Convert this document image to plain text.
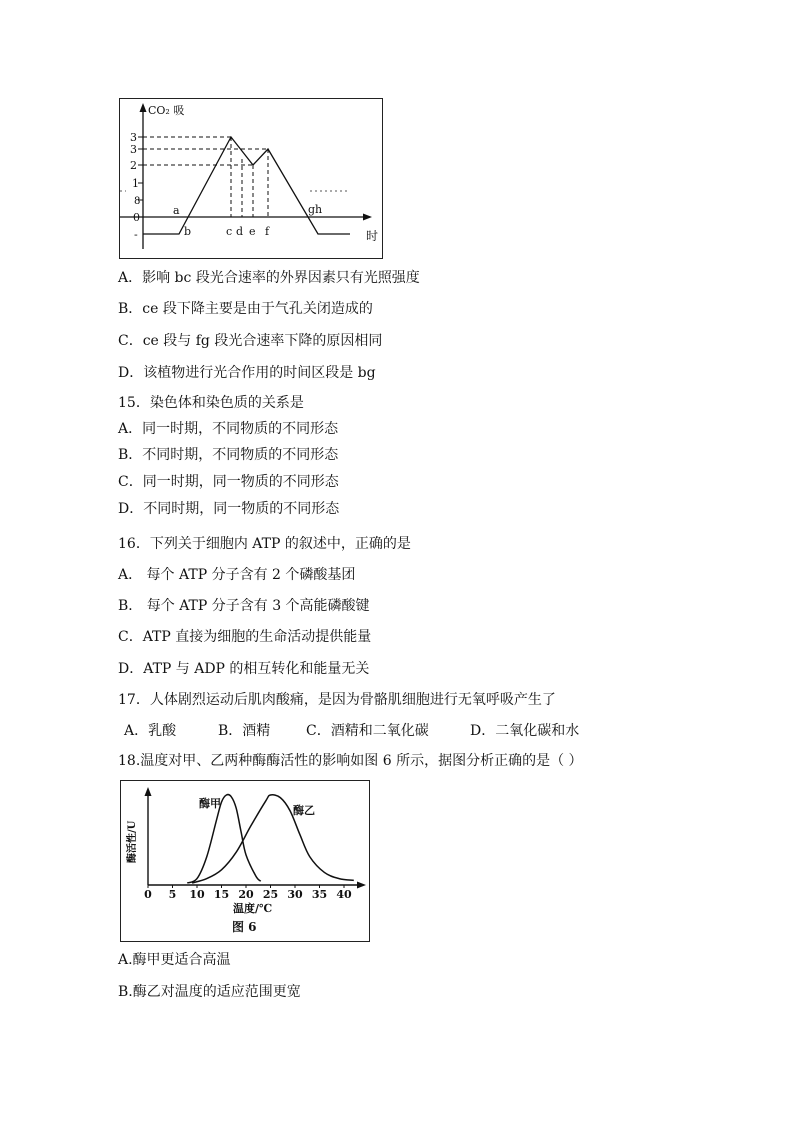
CO₂ 吸
时
3
3
2
1
8
0
-
a
b	c d e f
gh
A．影响 bc 段光合速率的外界因素只有光照强度
B．ce 段下降主要是由于气孔关闭造成的
C．ce 段与 fg 段光合速率下降的原因相同
D．该植物进行光合作用的时间区段是 bg
15．染色体和染色质的关系是
A．同一时期，不同物质的不同形态
B．不同时期，不同物质的不同形态
C．同一时期，同一物质的不同形态
D．不同时期，同一物质的不同形态
16．下列关于细胞内 ATP 的叙述中，正确的是
A． 每个 ATP 分子含有 2 个磷酸基团
B． 每个 ATP 分子含有 3 个高能磷酸键
C．ATP 直接为细胞的生命活动提供能量
D．ATP 与 ADP 的相互转化和能量无关
17．人体剧烈运动后肌肉酸痛，是因为骨骼肌细胞进行无氧呼吸产生了
A．乳酸	B．酒精	C．酒精和二氧化碳	D．二氧化碳和水
18.温度对甲、乙两种酶酶活性的影响如图 6 所示，据图分析正确的是（ ）
0 5 10 15 20 25 30 35 40
酶甲
酶乙
酶活性/U
温度/℃
图 6
A.酶甲更适合高温
B.酶乙对温度的适应范围更宽
